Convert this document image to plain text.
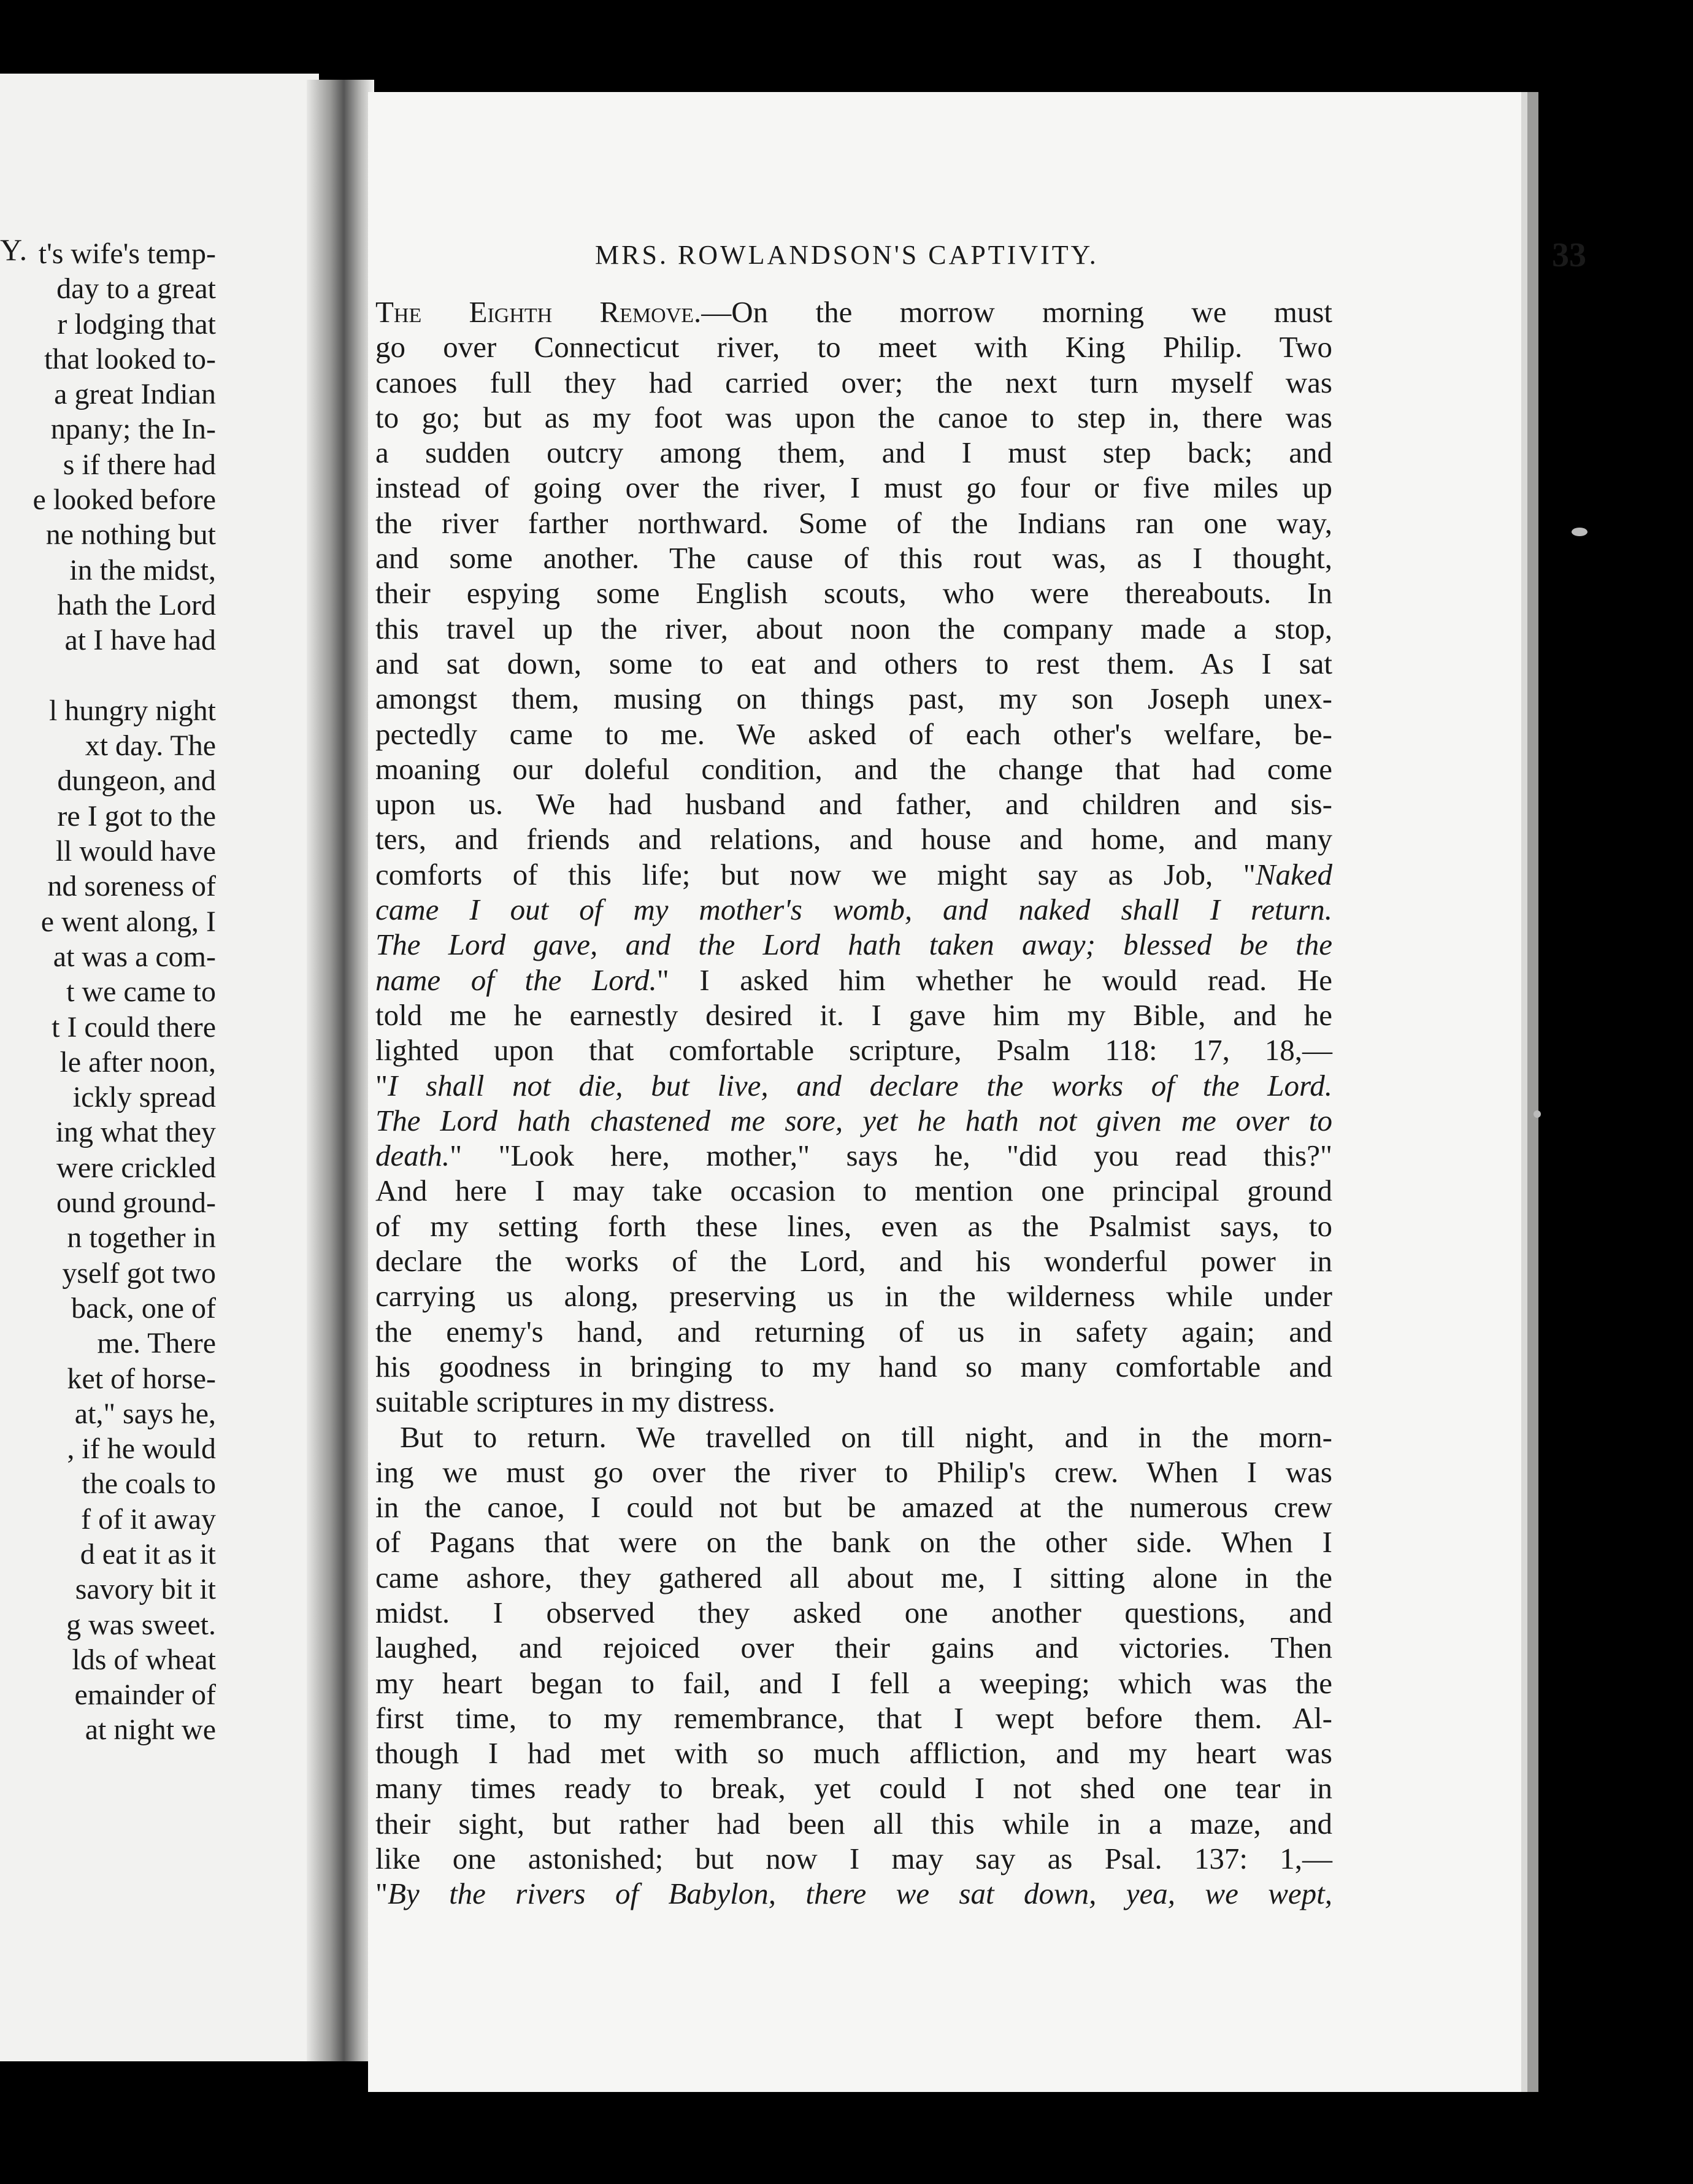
Y. t's wife's temp-
day to a great
r lodging that
that looked to-
a great Indian
npany; the In-
s if there had
e looked before
ne nothing but
in the midst,
hath the Lord
at I have had
l hungry night
xt day. The
dungeon, and
re I got to the
ll would have
nd soreness of
e went along, I
at was a com-
t we came to
t I could there
le after noon,
ickly spread
ing what they
were crickled
ound ground-
n together in
yself got two
back, one of
me. There
ket of horse-
at," says he,
, if he would
the coals to
f of it away
d eat it as it
savory bit it
g was sweet.
lds of wheat
emainder of
at night we
MRS. ROWLANDSON'S CAPTIVITY.	33
The Eighth Remove.—On the morrow morning we must
go over Connecticut river, to meet with King Philip. Two
canoes full they had carried over; the next turn myself was
to go; but as my foot was upon the canoe to step in, there was
a sudden outcry among them, and I must step back; and
instead of going over the river, I must go four or five miles up
the river farther northward. Some of the Indians ran one way,
and some another. The cause of this rout was, as I thought,
their espying some English scouts, who were thereabouts. In
this travel up the river, about noon the company made a stop,
and sat down, some to eat and others to rest them. As I sat
amongst them, musing on things past, my son Joseph unex-
pectedly came to me. We asked of each other's welfare, be-
moaning our doleful condition, and the change that had come
upon us. We had husband and father, and children and sis-
ters, and friends and relations, and house and home, and many
comforts of this life; but now we might say as Job, "Naked
came I out of my mother's womb, and naked shall I return.
The Lord gave, and the Lord hath taken away; blessed be the
name of the Lord." I asked him whether he would read. He
told me he earnestly desired it. I gave him my Bible, and he
lighted upon that comfortable scripture, Psalm 118: 17, 18,—
"I shall not die, but live, and declare the works of the Lord.
The Lord hath chastened me sore, yet he hath not given me over to
death." "Look here, mother," says he, "did you read this?"
And here I may take occasion to mention one principal ground
of my setting forth these lines, even as the Psalmist says, to
declare the works of the Lord, and his wonderful power in
carrying us along, preserving us in the wilderness while under
the enemy's hand, and returning of us in safety again; and
his goodness in bringing to my hand so many comfortable and
suitable scriptures in my distress.
But to return. We travelled on till night, and in the morn-
ing we must go over the river to Philip's crew. When I was
in the canoe, I could not but be amazed at the numerous crew
of Pagans that were on the bank on the other side. When I
came ashore, they gathered all about me, I sitting alone in the
midst. I observed they asked one another questions, and
laughed, and rejoiced over their gains and victories. Then
my heart began to fail, and I fell a weeping; which was the
first time, to my remembrance, that I wept before them. Al-
though I had met with so much affliction, and my heart was
many times ready to break, yet could I not shed one tear in
their sight, but rather had been all this while in a maze, and
like one astonished; but now I may say as Psal. 137: 1,—
"By the rivers of Babylon, there we sat down, yea, we wept,
